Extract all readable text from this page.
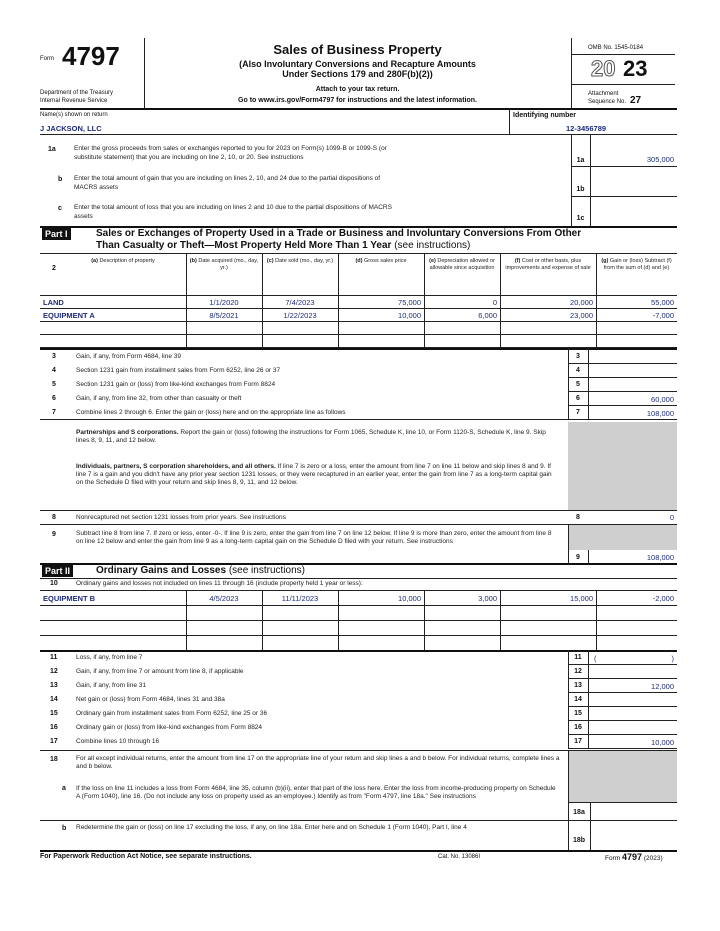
Form 4797
Department of the Treasury
Internal Revenue Service
Sales of Business Property
(Also Involuntary Conversions and Recapture Amounts
Under Sections 179 and 280F(b)(2))
Attach to your tax return.
Go to www.irs.gov/Form4797 for instructions and the latest information.
OMB No. 1545-0184
20 23
Attachment
Sequence No. 27
Name(s) shown on return
J JACKSON, LLC
Identifying number
12-3456789
1a	Enter the gross proceeds from sales or exchanges reported to you for 2023 on Form(s) 1099-B or 1099-S (or
substitute statement) that you are including on line 2, 10, or 20. See instructions	1a	305,000
b Enter the total amount of gain that you are including on lines 2, 10, and 24 due to the partial dispositions of
MACRS assets	1b
c Enter the total amount of loss that you are including on lines 2 and 10 due to the partial dispositions of MACRS
assets	1c
Part I	Sales or Exchanges of Property Used in a Trade or Business and Involuntary Conversions From Other
Than Casualty or Theft—Most Property Held More Than 1 Year (see instructions)
Partnerships and S corporations. Report the gain or (loss) following the instructions for Form 1065, Schedule K, line 10, or Form 1120-S, Schedule K, line 9. Skip lines 8, 9, 11, and 12 below.
Individuals, partners, S corporation shareholders, and all others. If line 7 is zero or a loss, enter the amount from line 7 on line 11 below and skip lines 8 and 9. If line 7 is a gain and you didn't have any prior year section 1231 losses, or they were recaptured in an earlier year, enter the gain from line 7 as a long-term capital gain on the Schedule D filed with your return and skip lines 8, 9, 11, and 12 below.
8	Nonrecaptured net section 1231 losses from prior years. See instructions	8	0
9	Subtract line 8 from line 7. If zero or less, enter -0-. If line 9 is zero, enter the gain from line 7 on line 12 below. If line 9 is more than zero, enter the amount from line 8 on line 12 below and enter the gain from line 9 as a long-term capital gain on the Schedule D filed with your return. See instructions
9	108,000
Part II	Ordinary Gains and Losses (see instructions)
10	Ordinary gains and losses not included on lines 11 through 16 (include property held 1 year or less):
18	For all except individual returns, enter the amount from line 17 on the appropriate line of your return and skip lines a and b below. For individual returns, complete lines a and b below.
a If the loss on line 11 includes a loss from Form 4684, line 35, column (b)(ii), enter that part of the loss here. Enter the loss from income-producing property on Schedule A (Form 1040), line 16. (Do not include any loss on property used as an employee.) Identify as from "Form 4797, line 18a." See instructions
18a
b Redetermine the gain or (loss) on line 17 excluding the loss, if any, on line 18a. Enter here and on Schedule 1 (Form 1040), Part I, line 4
18b
For Paperwork Reduction Act Notice, see separate instructions.	Cat. No. 13086I	Form 4797 (2023)
2
(a) Description of property	(b) Date acquired (mo., day, yr.)
(c) Date sold (mo., day, yr.)	(d) Gross sales price	(e) Depreciation allowed or allowable since acquisition
(f) Cost or other basis, plus improvements and expense of sale
(g) Gain or (loss) Subtract (f) from the sum of (d) and (e)
LAND	1/1/2020	7/4/2023	75,000	0	20,000	55,000
EQUIPMENT A	8/5/2021	1/22/2023	10,000	6,000	23,000	-7,000
3	Gain, if any, from Form 4684, line 39	3
4	Section 1231 gain from installment sales from Form 6252, line 26 or 37	4
5	Section 1231 gain or (loss) from like-kind exchanges from Form 8824	5
6	Gain, if any, from line 32, from other than casualty or theft	6	60,000
7	Combine lines 2 through 6. Enter the gain or (loss) here and on the appropriate line as follows	7	108,000
EQUIPMENT B	4/5/2023	11/11/2023	10,000	3,000	15,000	-2,000
11	Loss, if any, from line 7	11	(	)
12	Gain, if any, from line 7 or amount from line 8, if applicable	12
13	Gain, if any, from line 31	13	12,000
14	Net gain or (loss) from Form 4684, lines 31 and 38a	14
15	Ordinary gain from installment sales from Form 6252, line 25 or 36	15
16	Ordinary gain or (loss) from like-kind exchanges from Form 8824	16
17	Combine lines 10 through 16	17	10,000
